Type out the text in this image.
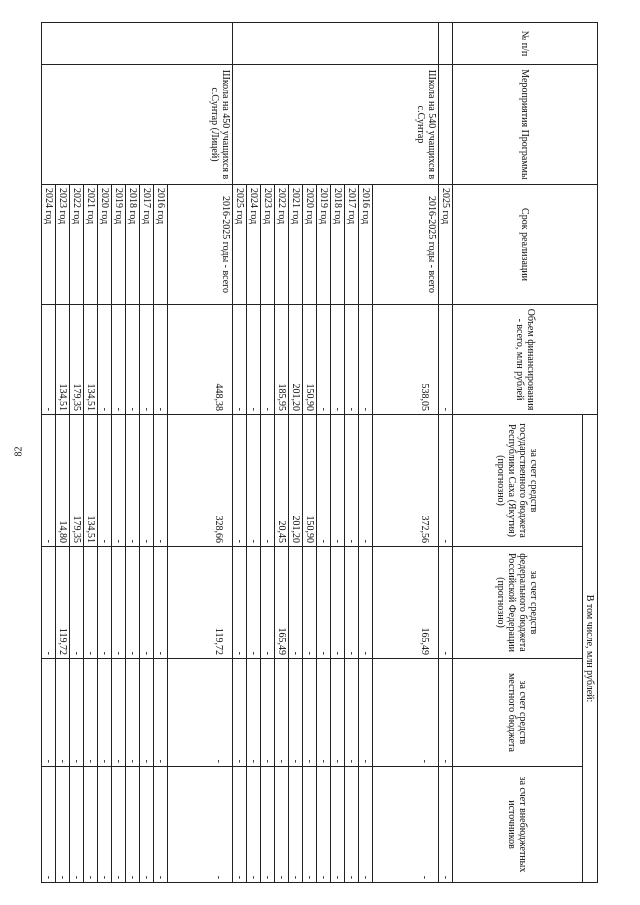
82
№ п/п	Мероприятия Программы	Срок реализации	Объем финансирования - всего, млн рублей	В том числе, млн рублей:			
				за счет средств государственного бюджета Республики Саха (Якутия) (прогнозно)	за счет средств федерального бюджета Российской Федерации (прогнозно)	за счет средств местного бюджета	за счет внебюджетных источников
		2025 год	-	-	-	-	-
	Школа на 540 учащихся в с.Сунтар	2016-2025 годы - всего	538,05	372,56	165,49	-	-
		2016 год	-	-	-	-	-
		2017 год	-	-	-	-	-
		2018 год	-	-	-	-	-
		2019 год	-	-	-	-	-
		2020 год	150,90	150,90	-	-	-
		2021 год	201,20	201,20	-	-	-
		2022 год	185,95	20,45	165,49	-	-
		2023 год	-	-	-	-	-
		2024 год	-	-	-	-	-
		2025 год	-	-	-	-	-
	Школа на 450 учащихся в с.Сунтар (Лицей)	2016-2025 годы - всего	448,38	328,66	119,72	-	-
		2016 год	-	-	-	-	-
		2017 год	-	-	-	-	-
		2018 год	-	-	-	-	-
		2019 год	-	-	-	-	-
		2020 год	-	-	-	-	-
		2021 год	134,51	134,51	-	-	-
		2022 год	179,35	179,35	-	-	-
		2023 год	134,51	14,80	119,72	-	-
		2024 год	-	-	-	-	-
